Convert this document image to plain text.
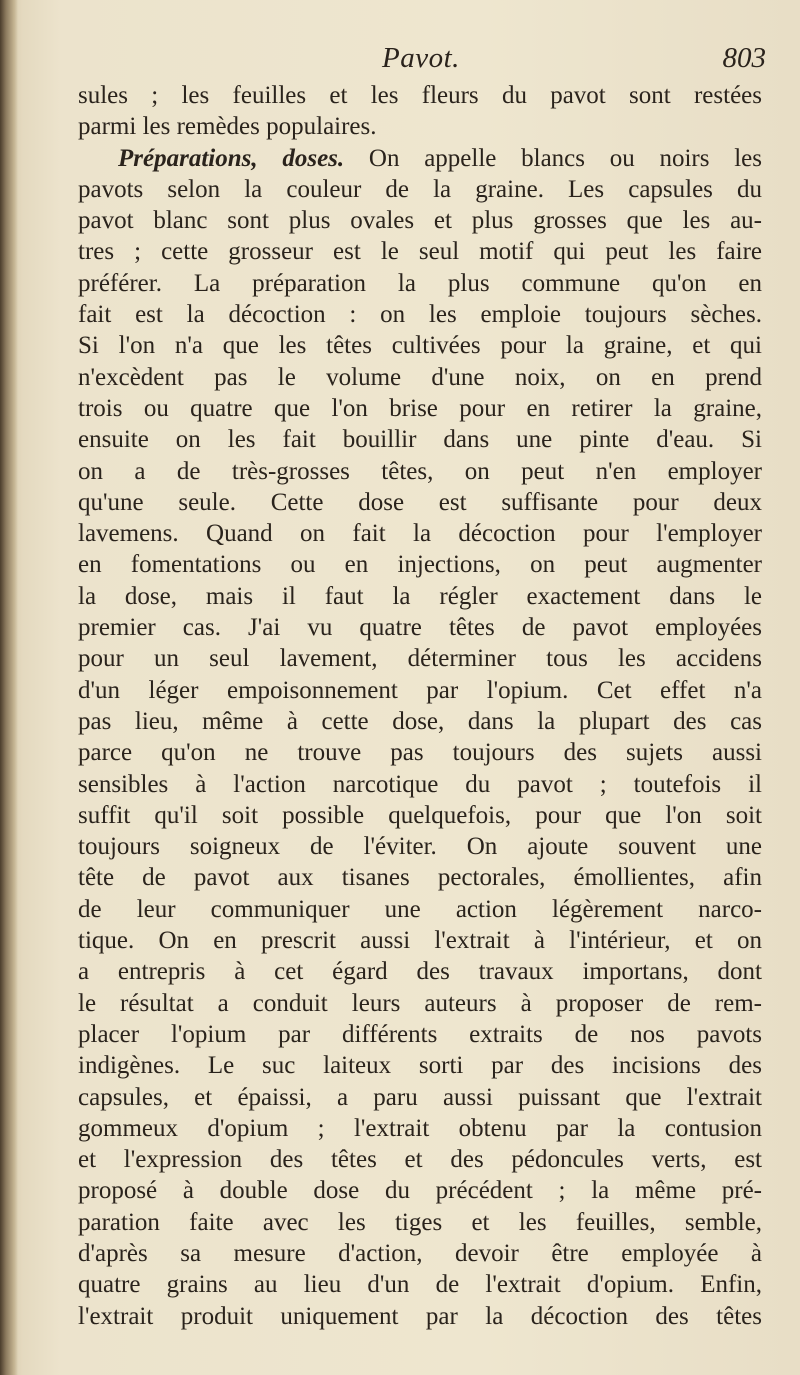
Pavot.	803
sules ; les feuilles et les fleurs du pavot sont restées
parmi les remèdes populaires.
Préparations, doses. On appelle blancs ou noirs les
pavots selon la couleur de la graine. Les capsules du
pavot blanc sont plus ovales et plus grosses que les au-
tres ; cette grosseur est le seul motif qui peut les faire
préférer. La préparation la plus commune qu'on en
fait est la décoction : on les emploie toujours sèches.
Si l'on n'a que les têtes cultivées pour la graine, et qui
n'excèdent pas le volume d'une noix, on en prend
trois ou quatre que l'on brise pour en retirer la graine,
ensuite on les fait bouillir dans une pinte d'eau. Si
on a de très-grosses têtes, on peut n'en employer
qu'une seule. Cette dose est suffisante pour deux
lavemens. Quand on fait la décoction pour l'employer
en fomentations ou en injections, on peut augmenter
la dose, mais il faut la régler exactement dans le
premier cas. J'ai vu quatre têtes de pavot employées
pour un seul lavement, déterminer tous les accidens
d'un léger empoisonnement par l'opium. Cet effet n'a
pas lieu, même à cette dose, dans la plupart des cas
parce qu'on ne trouve pas toujours des sujets aussi
sensibles à l'action narcotique du pavot ; toutefois il
suffit qu'il soit possible quelquefois, pour que l'on soit
toujours soigneux de l'éviter. On ajoute souvent une
tête de pavot aux tisanes pectorales, émollientes, afin
de leur communiquer une action légèrement narco-
tique. On en prescrit aussi l'extrait à l'intérieur, et on
a entrepris à cet égard des travaux importans, dont
le résultat a conduit leurs auteurs à proposer de rem-
placer l'opium par différents extraits de nos pavots
indigènes. Le suc laiteux sorti par des incisions des
capsules, et épaissi, a paru aussi puissant que l'extrait
gommeux d'opium ; l'extrait obtenu par la contusion
et l'expression des têtes et des pédoncules verts, est
proposé à double dose du précédent ; la même pré-
paration faite avec les tiges et les feuilles, semble,
d'après sa mesure d'action, devoir être employée à
quatre grains au lieu d'un de l'extrait d'opium. Enfin,
l'extrait produit uniquement par la décoction des têtes
